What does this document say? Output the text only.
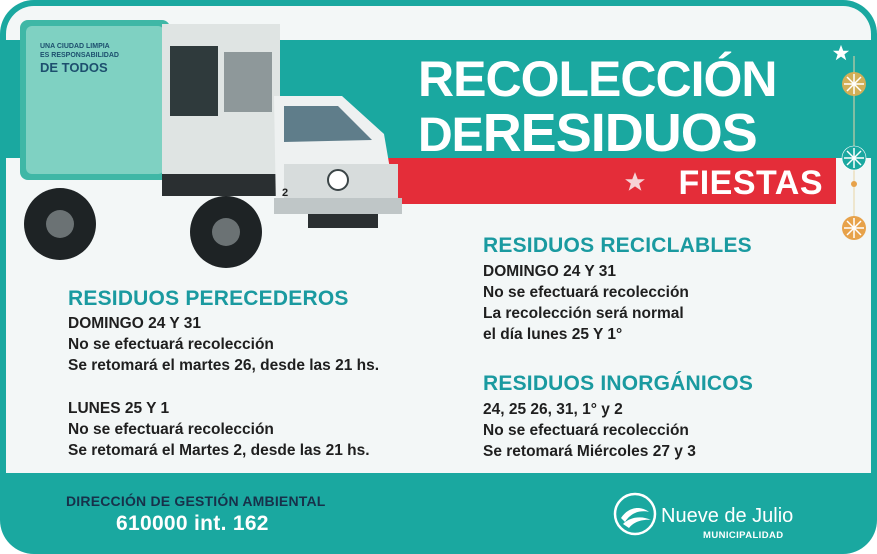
RECOLECCIÓN
DERESIDUOS
FIESTAS
UNA CIUDAD LIMPIA
ES RESPONSABILIDAD
DE TODOS
2
RESIDUOS RECICLABLES
DOMINGO 24 Y 31
No se efectuará recolección
La recolección será normal
el día lunes 25 Y 1°
RESIDUOS PERECEDEROS
DOMINGO 24 Y 31
No se efectuará recolección
Se retomará el martes 26, desde las 21 hs.
LUNES 25 Y 1
No se efectuará recolección
Se retomará el Martes 2, desde las 21 hs.
RESIDUOS INORGÁNICOS
24, 25 26, 31, 1° y 2
No se efectuará recolección
Se retomará Miércoles 27 y 3
DIRECCIÓN DE GESTIÓN AMBIENTAL
610000 int. 162	Nueve de Julio
MUNICIPALIDAD
